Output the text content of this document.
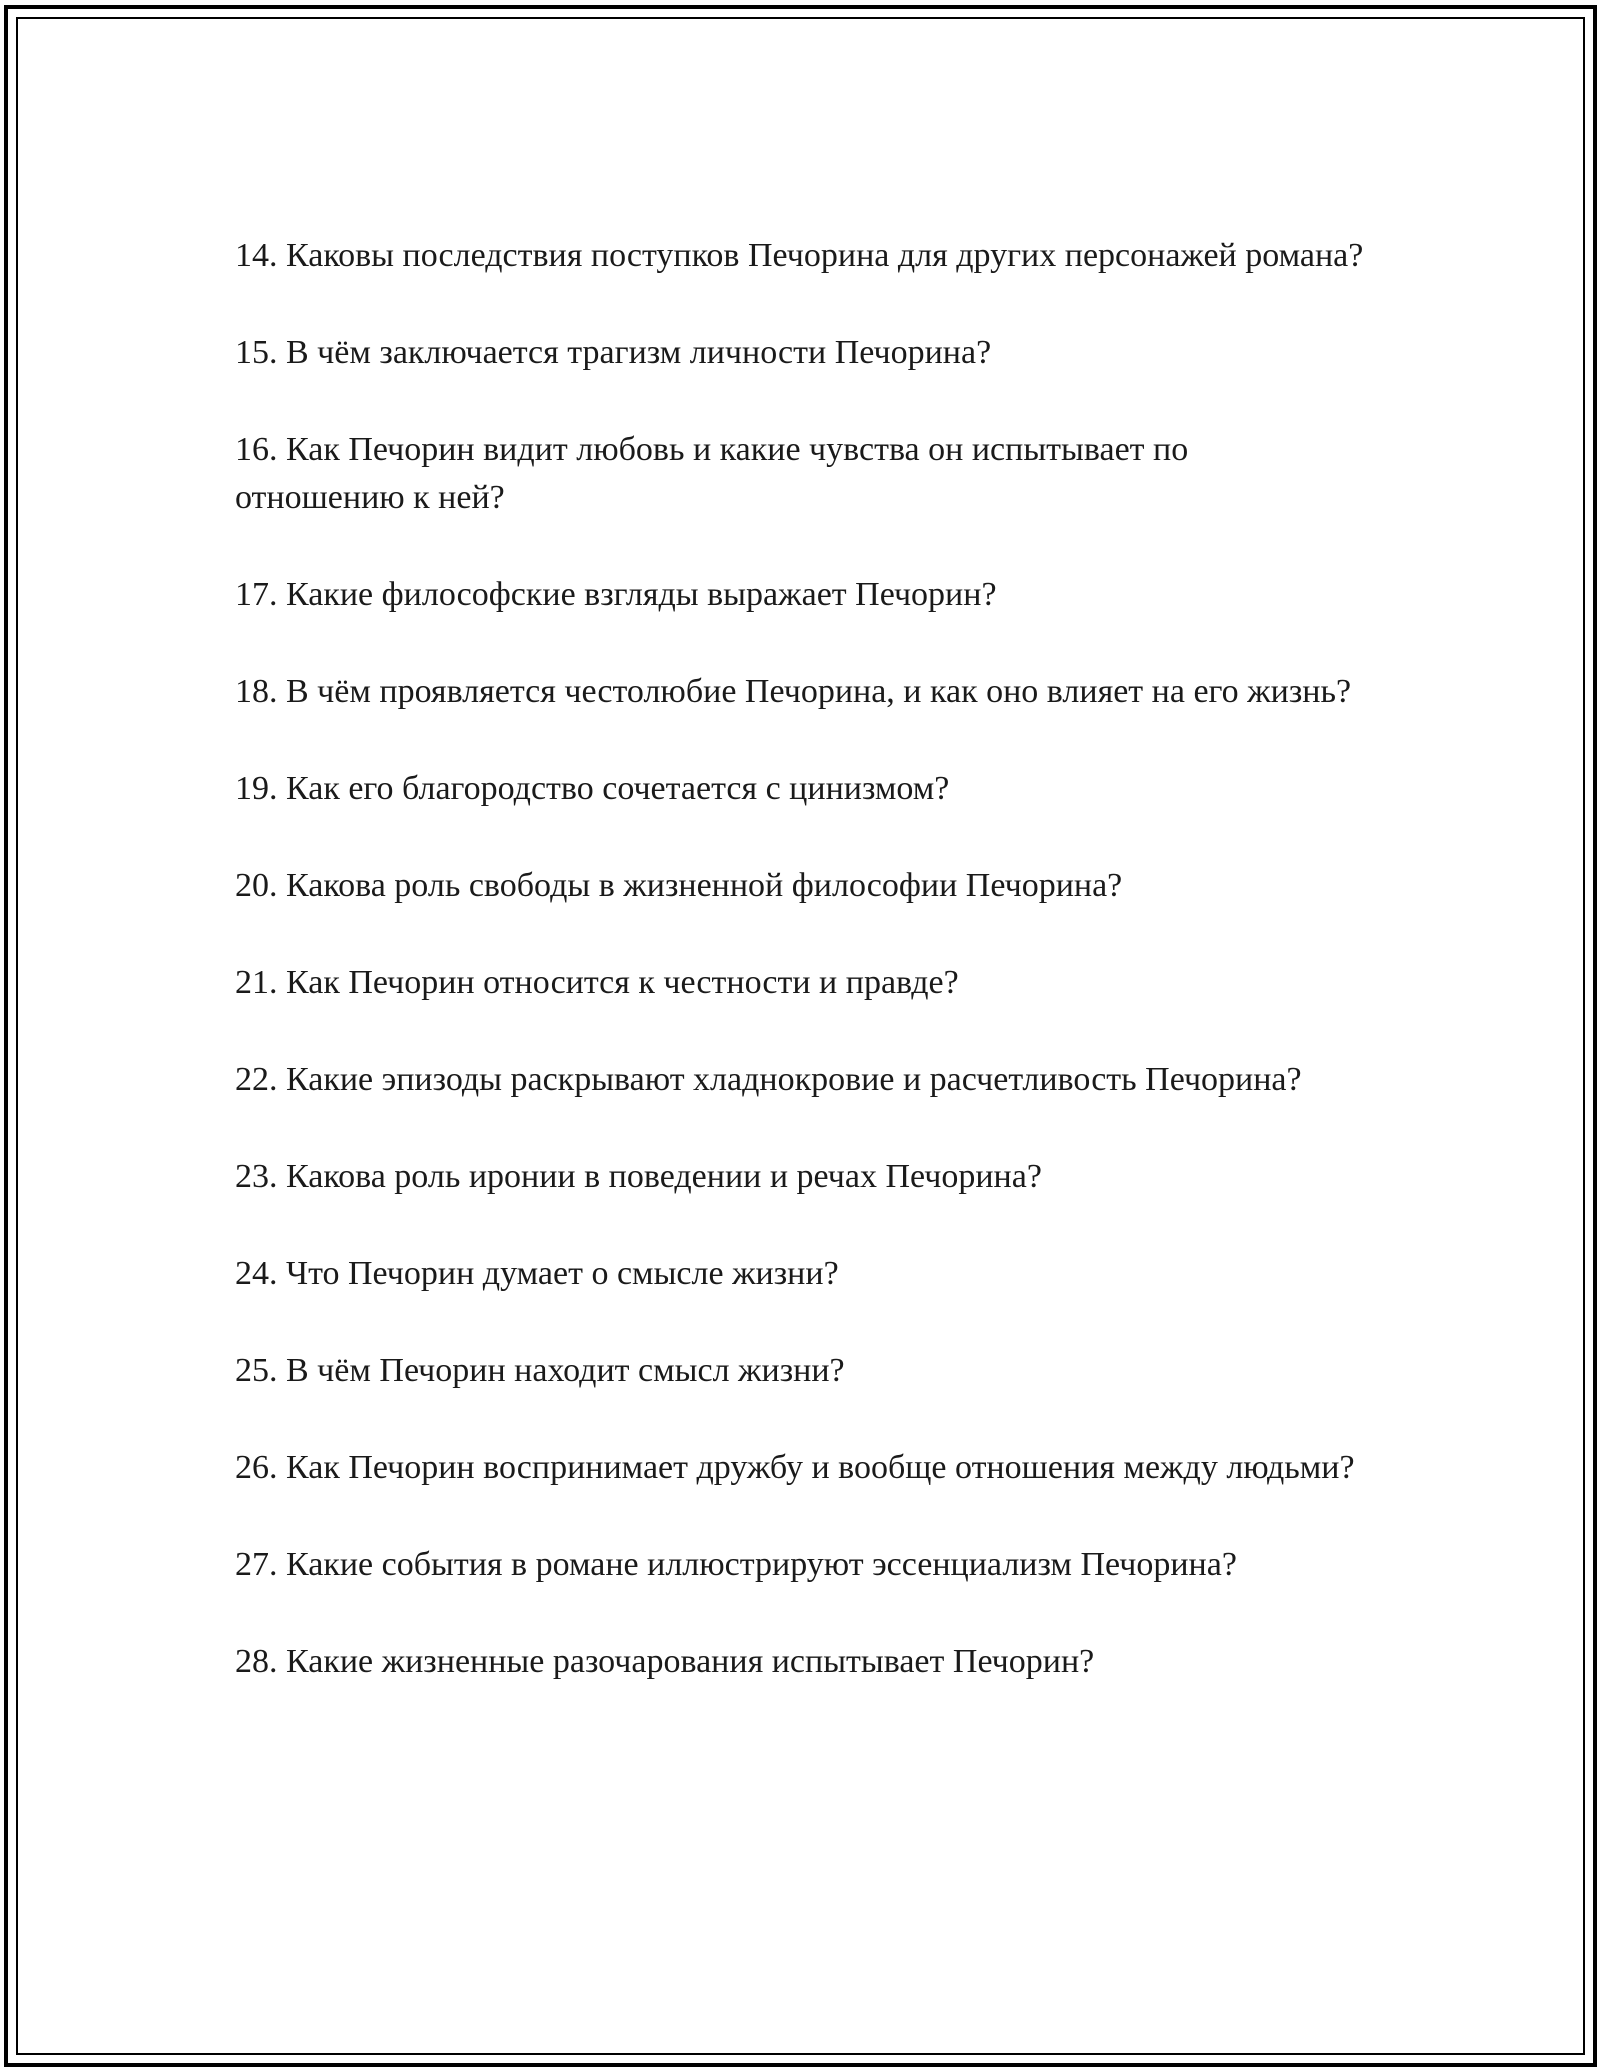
14. Каковы последствия поступков Печорина для других персонажей романа?

15. В чём заключается трагизм личности Печорина?

16. Как Печорин видит любовь и какие чувства он испытывает по отношению к ней?

17. Какие философские взгляды выражает Печорин?

18. В чём проявляется честолюбие Печорина, и как оно влияет на его жизнь?

19. Как его благородство сочетается с цинизмом?

20. Какова роль свободы в жизненной философии Печорина?

21. Как Печорин относится к честности и правде?

22. Какие эпизоды раскрывают хладнокровие и расчетливость Печорина?

23. Какова роль иронии в поведении и речах Печорина?

24. Что Печорин думает о смысле жизни?

25. В чём Печорин находит смысл жизни?

26. Как Печорин воспринимает дружбу и вообще отношения между людьми?

27. Какие события в романе иллюстрируют эссенциализм Печорина?

28. Какие жизненные разочарования испытывает Печорин?
